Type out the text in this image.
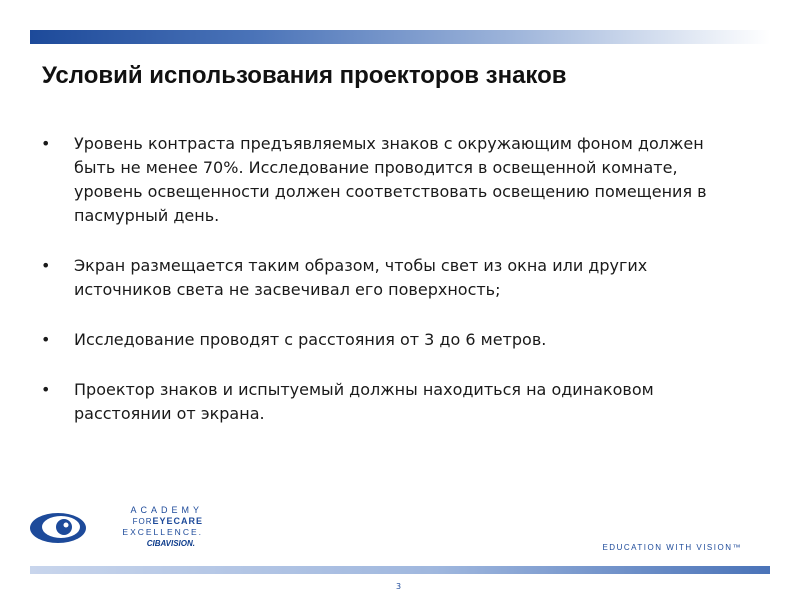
Условий использования проекторов знаков
• Уровень контраста предъявляемых знаков с окружающим фоном должен быть не менее 70%. Исследование проводится в освещенной комнате, уровень освещенности должен соответствовать освещению помещения в пасмурный день.
• Экран размещается таким образом, чтобы свет из окна или других источников света не засвечивал его поверхность;
• Исследование проводят с расстояния от 3 до 6 метров.
• Проектор знаков и испытуемый должны находиться на одинаковом расстоянии от экрана.
ACADEMY
FOREYECARE
EXCELLENCE.
CIBAVISION.	EDUCATION WITH VISION™
3
